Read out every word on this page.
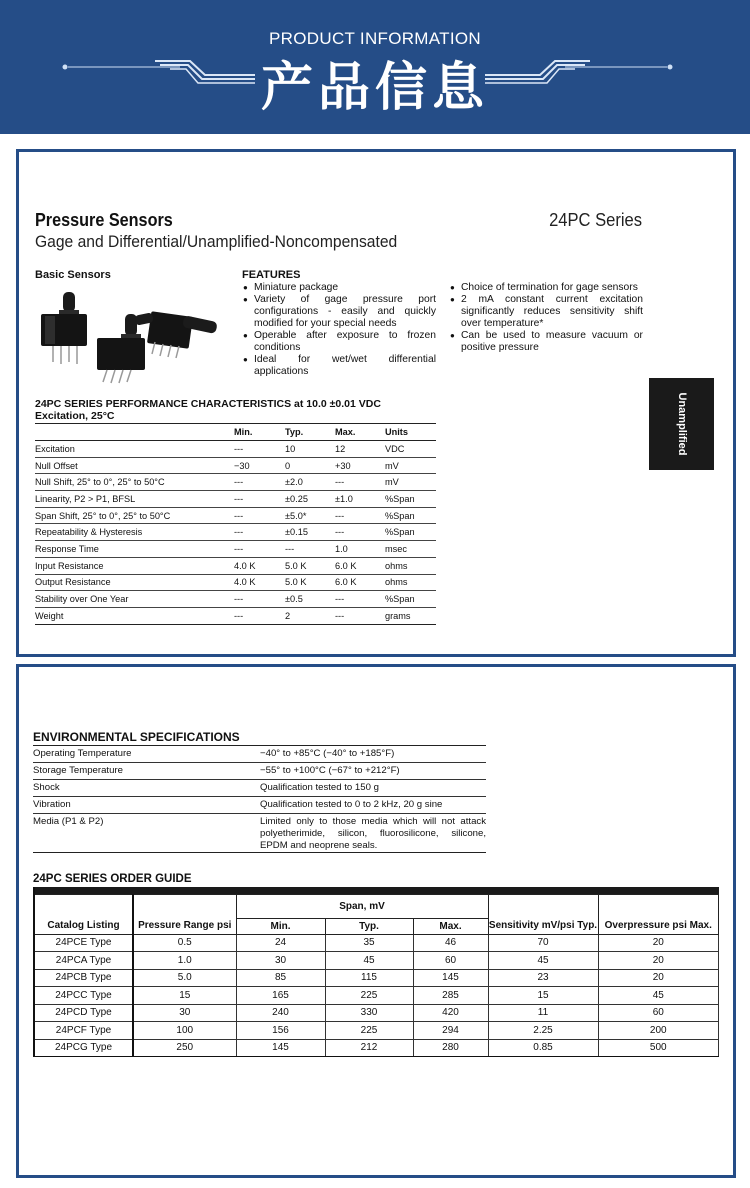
PRODUCT INFORMATION
产品信息
Pressure Sensors
Gage and Differential/Unamplified-Noncompensated
24PC Series
Basic Sensors	FEATURES
● Miniature package
● Variety of gage pressure port configurations - easily and quickly modified for your special needs
● Operable after exposure to frozen conditions
● Ideal for wet/wet differential applications
● Choice of termination for gage sensors
● 2 mA constant current excitation significantly reduces sensitivity shift over temperature*
● Can be used to measure vacuum or positive pressure
Unamplified
24PC SERIES PERFORMANCE CHARACTERISTICS at 10.0 ±0.01 VDC Excitation, 25°C
	Min.	Typ.	Max.	Units
Excitation	---	10	12	VDC
Null Offset	−30	0	+30	mV
Null Shift, 25° to 0°, 25° to 50°C	---	±2.0	---	mV
Linearity, P2 > P1, BFSL	---	±0.25	±1.0	%Span
Span Shift, 25° to 0°, 25° to 50°C	---	±5.0*	---	%Span
Repeatability & Hysteresis	---	±0.15	---	%Span
Response Time	---	---	1.0	msec
Input Resistance	4.0 K	5.0 K	6.0 K	ohms
Output Resistance	4.0 K	5.0 K	6.0 K	ohms
Stability over One Year	---	±0.5	---	%Span
Weight	---	2	---	grams
ENVIRONMENTAL SPECIFICATIONS
Operating Temperature	−40° to +85°C (−40° to +185°F)
Storage Temperature	−55° to +100°C (−67° to +212°F)
Shock	Qualification tested to 150 g
Vibration	Qualification tested to 0 to 2 kHz, 20 g sine
Media (P1 & P2)	Limited only to those media which will not attack polyetherimide, silicon, fluorosilicone, silicone, EPDM and neoprene seals.
24PC SERIES ORDER GUIDE

Catalog Listing	Pressure Range psi	Span, mV			Sensitivity mV/psi Typ.	Overpressure psi Max.
		Min.	Typ.	Max.		
24PCE Type	0.5	24	35	46	70	20
24PCA Type	1.0	30	45	60	45	20
24PCB Type	5.0	85	115	145	23	20
24PCC Type	15	165	225	285	15	45
24PCD Type	30	240	330	420	11	60
24PCF Type	100	156	225	294	2.25	200
24PCG Type	250	145	212	280	0.85	500
